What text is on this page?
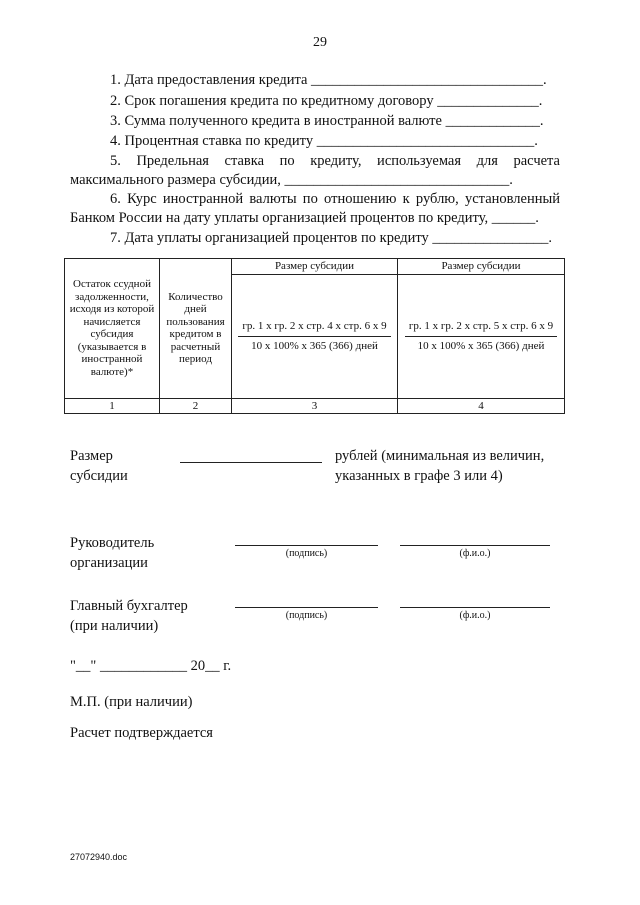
29
1. Дата предоставления кредита ________________________________.
2. Срок погашения кредита по кредитному договору ______________.
3. Сумма полученного кредита в иностранной валюте _____________.
4. Процентная ставка по кредиту ______________________________.
5. Предельная ставка по кредиту, используемая для расчета
максимального размера субсидии, _______________________________.
6. Курс иностранной валюты по отношению к рублю, установленный
Банком России на дату уплаты организацией процентов по кредиту, ______.
7. Дата уплаты организацией процентов по кредиту ________________.
Остаток ссудной задолженности, исходя из которой начисляется субсидия (указывается в иностранной валюте)*	Количество дней пользования кредитом в расчетный период	Размер субсидии	Размер субсидии

		$\frac{\text{гр. 1 х гр. 2 х стр. 4 х стр. 6 х 9}}{\text{10 х 100\% х 365 (366) дней}}$	$\frac{\text{гр. 1 х гр. 2 х стр. 5 х стр. 6 х 9}}{\text{10 х 100\% х 365 (366) дней}}$

1	2	3	4
Размер
субсидии
рублей (минимальная из величин,
указанных в графе 3 или 4)
Руководитель
организации
(подпись)	(ф.и.о.)
Главный бухгалтер
(при наличии)
(подпись)	(ф.и.о.)
"__" ____________ 20__ г.
М.П. (при наличии)
Расчет подтверждается
27072940.doc
